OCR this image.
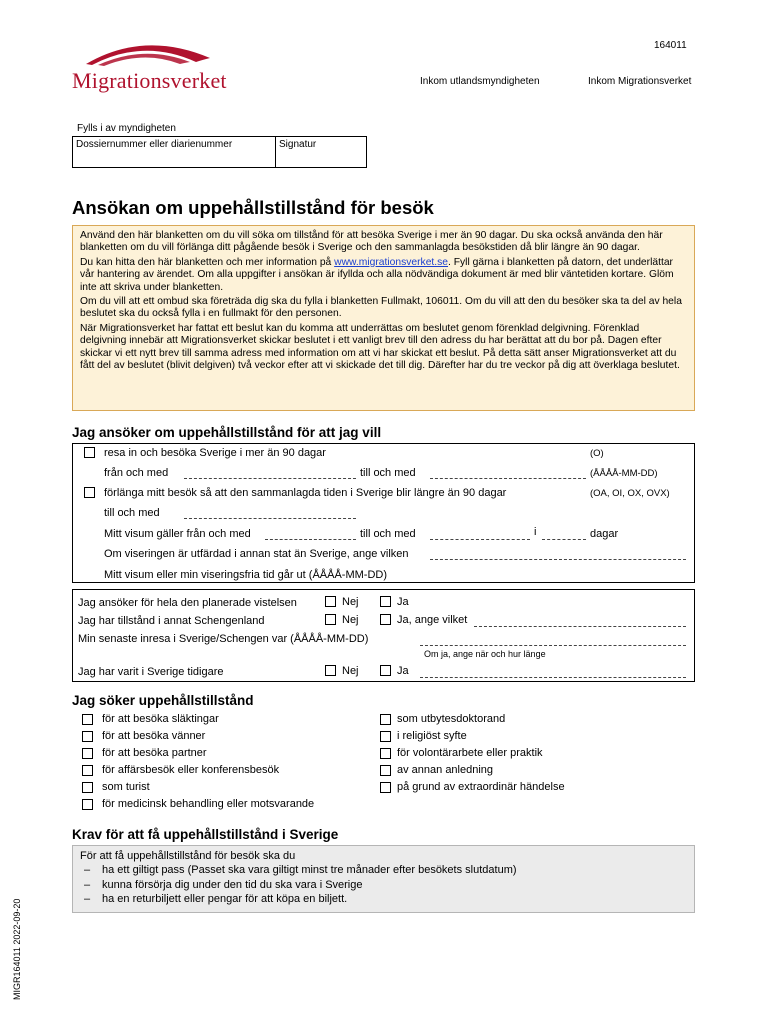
Migrationsverket
164011
Inkom utlandsmyndigheten	Inkom Migrationsverket
Fylls i av myndigheten
Dossiernummer eller diarienummer	Signatur
Ansökan om uppehållstillstånd för besök

Använd den här blanketten om du vill söka om tillstånd för att besöka Sverige i mer än 90 dagar. Du ska också använda den här blanketten om du vill förlänga ditt pågående besök i Sverige och den sammanlagda besökstiden då blir längre än 90 dagar.

Du kan hitta den här blanketten och mer information på www.migrationsverket.se. Fyll gärna i blanketten på datorn, det underlättar vår hantering av ärendet. Om alla uppgifter i ansökan är ifyllda och alla nödvändiga dokument är med blir väntetiden kortare. Glöm inte att skriva under blanketten.

Om du vill att ett ombud ska företräda dig ska du fylla i blanketten Fullmakt, 106011. Om du vill att den du besöker ska ta del av hela beslutet ska du också fylla i en fullmakt för den personen.

När Migrationsverket har fattat ett beslut kan du komma att underrättas om beslutet genom förenklad delgivning. Förenklad delgivning innebär att Migrationsverket skickar beslutet i ett vanligt brev till den adress du har berättat att du bor på. Dagen efter skickar vi ett nytt brev till samma adress med information om att vi har skickat ett beslut. På detta sätt anser Migrationsverket att du fått del av beslutet (blivit delgiven) två veckor efter att vi skickade det till dig. Därefter har du tre veckor på dig att överklaga beslutet.

Jag ansöker om uppehållstillstånd för att jag vill
resa in och besöka Sverige i mer än 90 dagar	(O)
från och med	till och med	(ÅÅÅÅ-MM-DD)
förlänga mitt besök så att den sammanlagda tiden i Sverige blir längre än 90 dagar	(OA, OI, OX, OVX)
till och med
Mitt visum gäller från och med	till och med	i	dagar
Om viseringen är utfärdad i annan stat än Sverige, ange vilken
Mitt visum eller min viseringsfria tid går ut (ÅÅÅÅ-MM-DD)
Jag ansöker för hela den planerade vistelsen	Nej	Ja
Jag har tillstånd i annat Schengenland	Nej	Ja, ange vilket
Min senaste inresa i Sverige/Schengen var (ÅÅÅÅ-MM-DD)
Om ja, ange när och hur länge
Jag har varit i Sverige tidigare	Nej	Ja
Jag söker uppehållstillstånd
för att besöka släktingar
för att besöka vänner
för att besöka partner
för affärsbesök eller konferensbesök
som turist
för medicinsk behandling eller motsvarande
som utbytesdoktorand
i religiöst syfte
för volontärarbete eller praktik
av annan anledning
på grund av extraordinär händelse
Krav för att få uppehållstillstånd i Sverige
För att få uppehållstillstånd för besök ska du
– ha ett giltigt pass (Passet ska vara giltigt minst tre månader efter besökets slutdatum)
– kunna försörja dig under den tid du ska vara i Sverige
– ha en returbiljett eller pengar för att köpa en biljett.
MIGR164011 2022-09-20
